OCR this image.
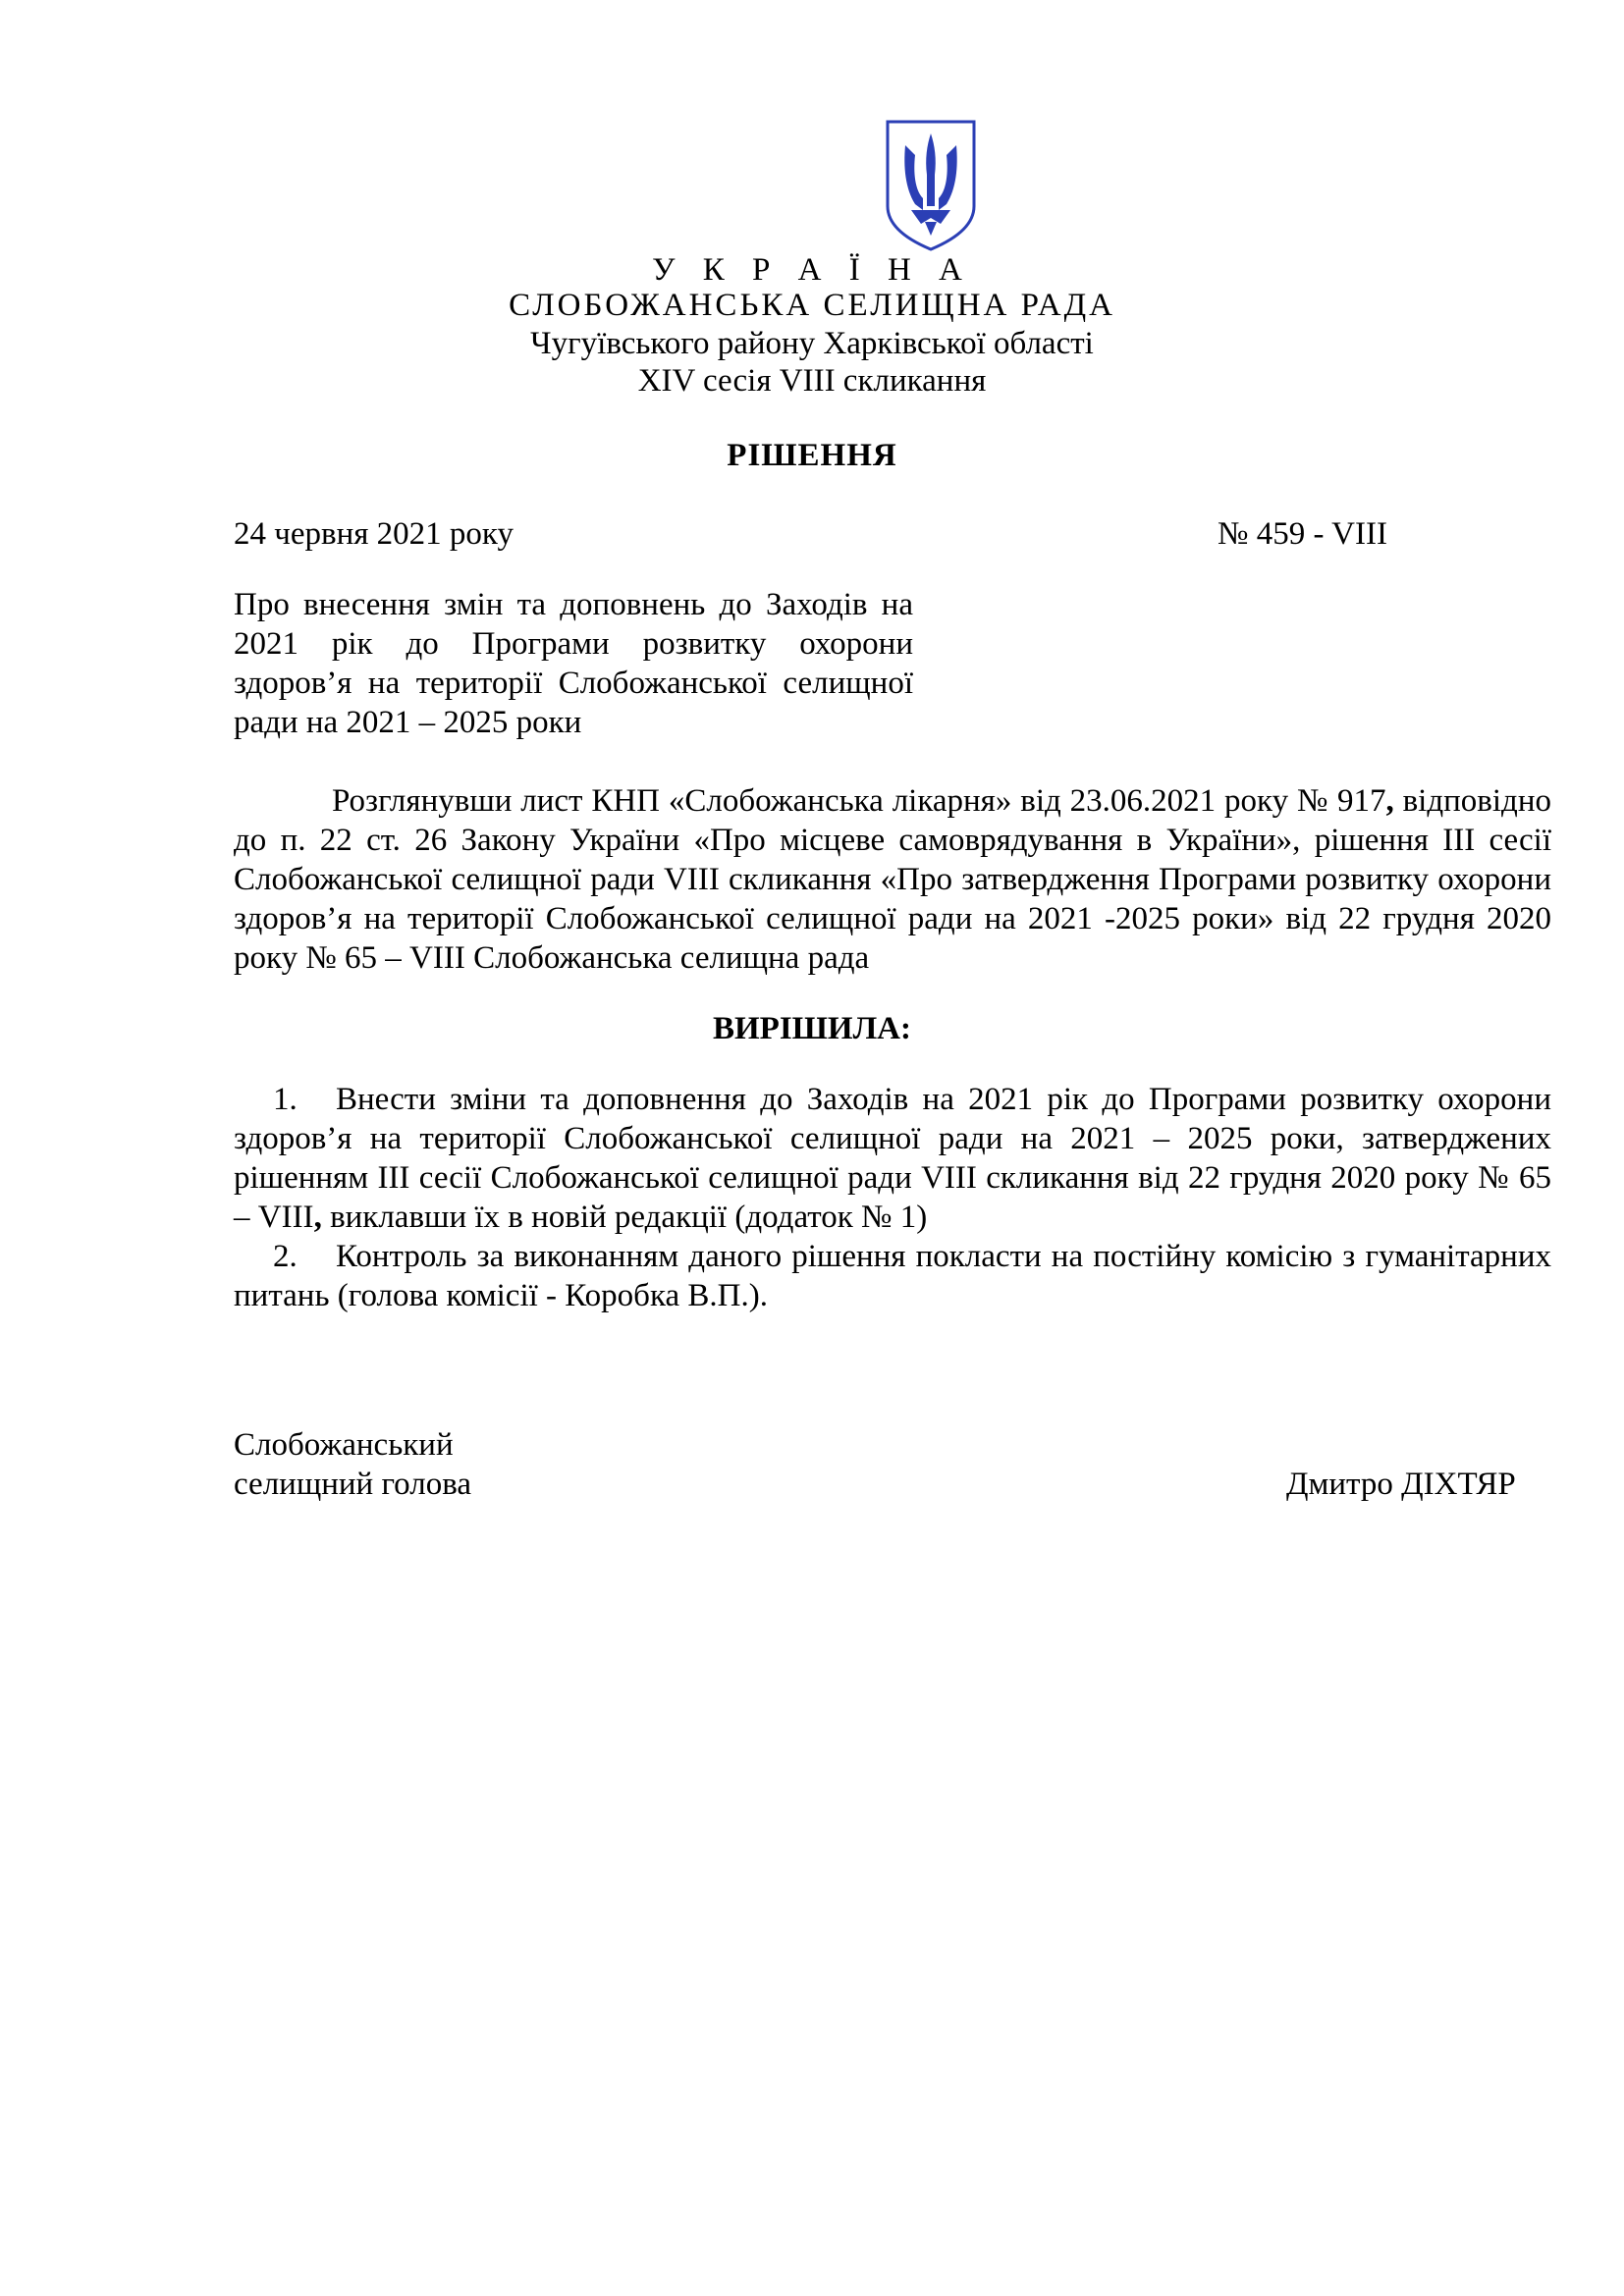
У К Р А Ї Н А
СЛОБОЖАНСЬКА СЕЛИЩНА РАДА
Чугуївського району Харківської області
XIV сесія VIII скликання
РІШЕННЯ
24 червня 2021 року	№ 459 - VIII
Про внесення змін та доповнень до Заходів на 2021 рік до Програми розвитку охорони здоров’я на території Слобожанської селищної ради на 2021 – 2025 роки
Розглянувши лист КНП «Слобожанська лікарня» від 23.06.2021 року № 917, відповідно до п. 22 ст. 26 Закону України «Про місцеве самоврядування в України», рішення ІІІ сесії Слобожанської селищної ради VIII скликання «Про затвердження Програми розвитку охорони здоров’я на території Слобожанської селищної ради на 2021 -2025 роки» від 22 грудня 2020 року № 65 – VIII Слобожанська селищна рада
ВИРІШИЛА:
1. Внести зміни та доповнення до Заходів на 2021 рік до Програми розвитку охорони здоров’я на території Слобожанської селищної ради на 2021 – 2025 роки, затверджених рішенням ІІІ сесії Слобожанської селищної ради VIII скликання від 22 грудня 2020 року № 65 – VIII, виклавши їх в новій редакції (додаток № 1)
2. Контроль за виконанням даного рішення покласти на постійну комісію з гуманітарних питань (голова комісії - Коробка В.П.).
Слобожанський
селищний голова	Дмитро ДІХТЯР
